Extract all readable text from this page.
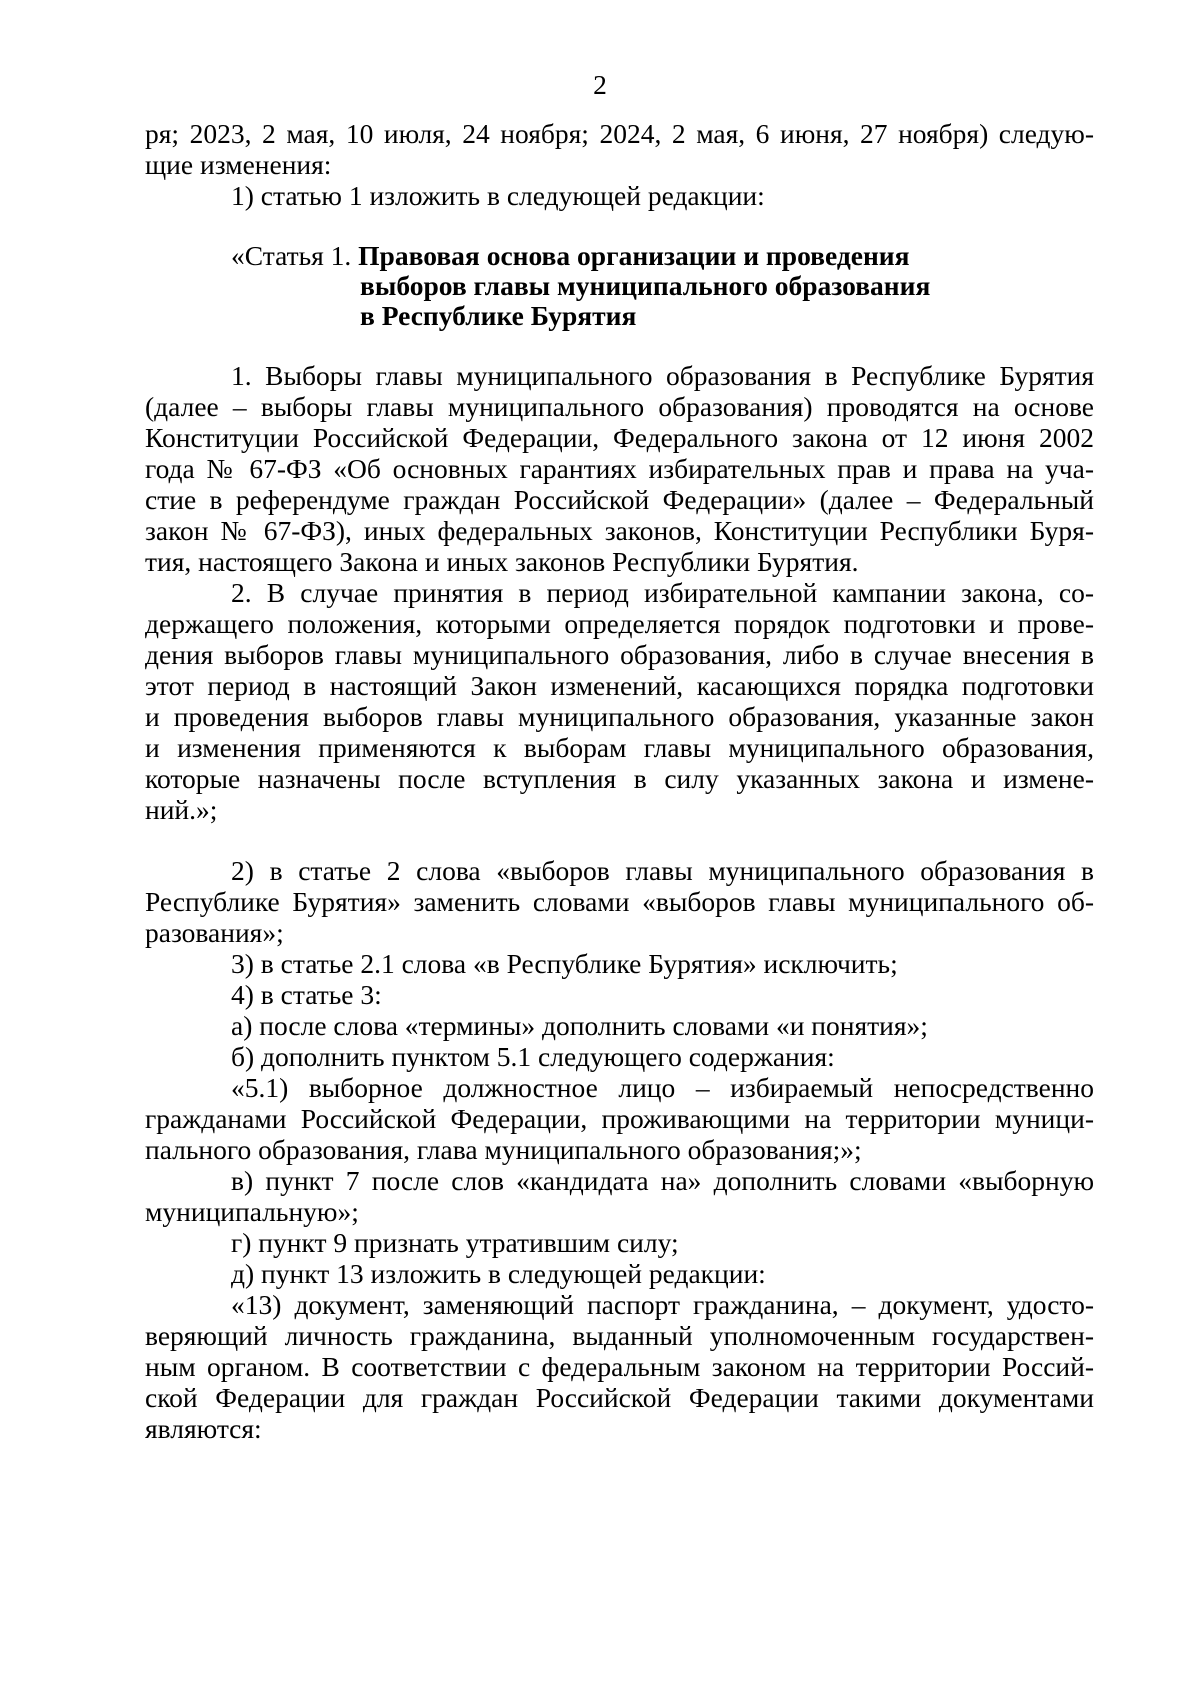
2
ря; 2023, 2 мая, 10 июля, 24 ноября; 2024, 2 мая, 6 июня, 27 ноября) следую-
щие изменения:
1) статью 1 изложить в следующей редакции:
«Статья 1. Правовая основа организации и проведения
выборов главы муниципального образования
в Республике Бурятия
1. Выборы главы муниципального образования в Республике Бурятия
(далее – выборы главы муниципального образования) проводятся на основе
Конституции Российской Федерации, Федерального закона от 12 июня 2002
года № 67-ФЗ «Об основных гарантиях избирательных прав и права на уча-
стие в референдуме граждан Российской Федерации» (далее – Федеральный
закон № 67-ФЗ), иных федеральных законов, Конституции Республики Буря-
тия, настоящего Закона и иных законов Республики Бурятия.
2. В случае принятия в период избирательной кампании закона, со-
держащего положения, которыми определяется порядок подготовки и прове-
дения выборов главы муниципального образования, либо в случае внесения в
этот период в настоящий Закон изменений, касающихся порядка подготовки
и проведения выборов главы муниципального образования, указанные закон
и изменения применяются к выборам главы муниципального образования,
которые назначены после вступления в силу указанных закона и измене-
ний.»;
2) в статье 2 слова «выборов главы муниципального образования в
Республике Бурятия» заменить словами «выборов главы муниципального об-
разования»;
3) в статье 2.1 слова «в Республике Бурятия» исключить;
4) в статье 3:
а) после слова «термины» дополнить словами «и понятия»;
б) дополнить пунктом 5.1 следующего содержания:
«5.1) выборное должностное лицо – избираемый непосредственно
гражданами Российской Федерации, проживающими на территории муници-
пального образования, глава муниципального образования;»;
в) пункт 7 после слов «кандидата на» дополнить словами «выборную
муниципальную»;
г) пункт 9 признать утратившим силу;
д) пункт 13 изложить в следующей редакции:
«13) документ, заменяющий паспорт гражданина, – документ, удосто-
веряющий личность гражданина, выданный уполномоченным государствен-
ным органом. В соответствии с федеральным законом на территории Россий-
ской Федерации для граждан Российской Федерации такими документами
являются:
